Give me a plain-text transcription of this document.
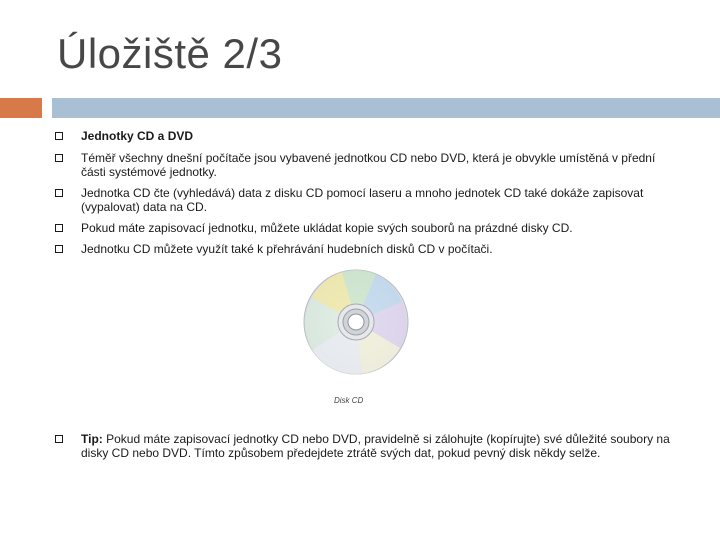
Úložiště 2/3
Jednotky CD a DVD
Téměř všechny dnešní počítače jsou vybavené jednotkou CD nebo DVD, která je obvykle umístěná v přední části systémové jednotky.
Jednotka CD čte (vyhledává) data z disku CD pomocí laseru a mnoho jednotek CD také dokáže zapisovat (vypalovat) data na CD.
Pokud máte zapisovací jednotku, můžete ukládat kopie svých souborů na prázdné disky CD.
Jednotku CD můžete využít také k přehrávání hudebních disků CD v počítači.
Tip: Pokud máte zapisovací jednotky CD nebo DVD, pravidelně si zálohujte (kopírujte) své důležité soubory na disky CD nebo DVD. Tímto způsobem předejdete ztrátě svých dat, pokud pevný disk někdy selže.
Disk CD
